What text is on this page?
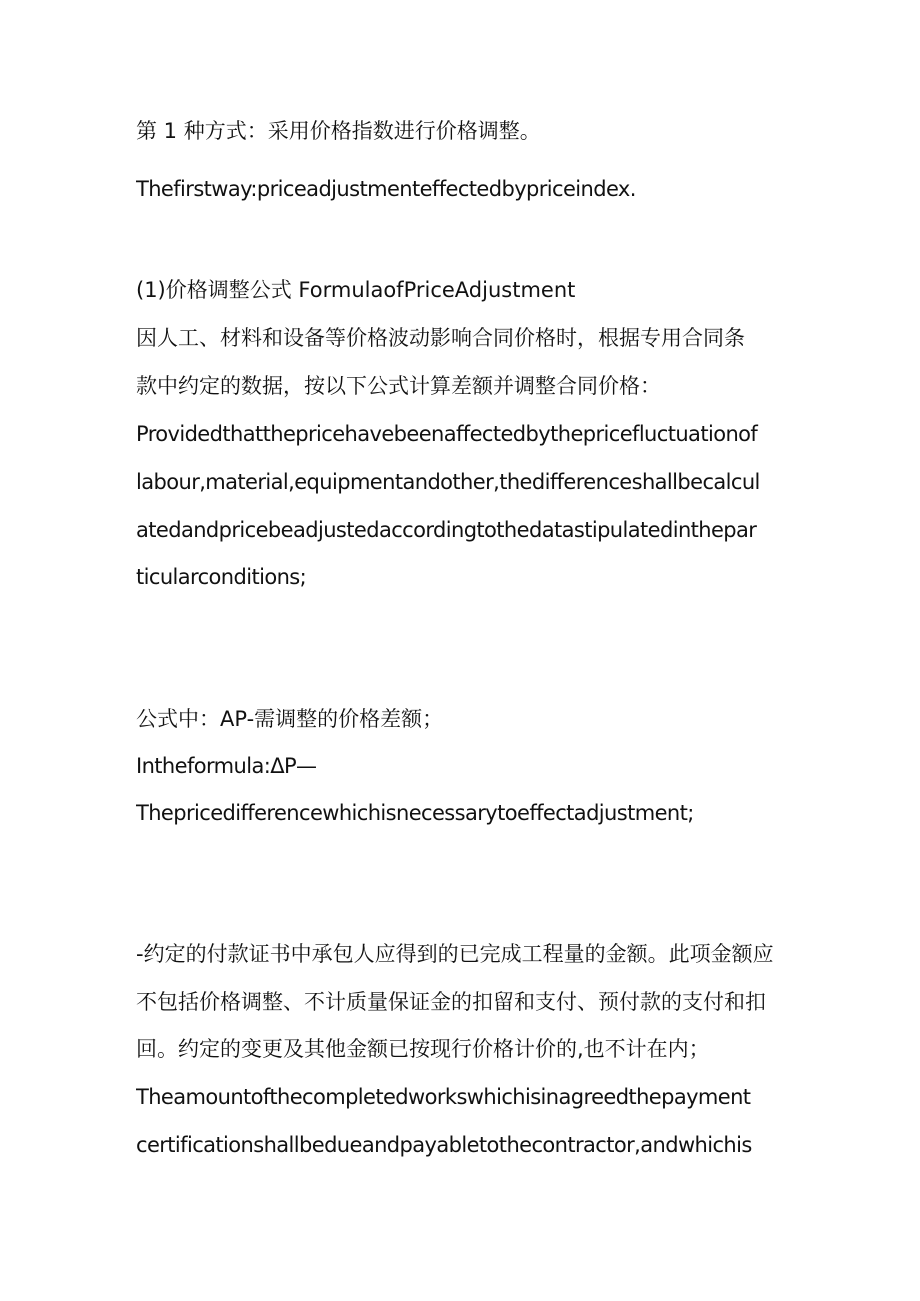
第 1 种方式：采用价格指数进行价格调整。
Thefirstway:priceadjustmenteffectedbypriceindex.
(1)价格调整公式 FormulaofPriceAdjustment
因人工、材料和设备等价格波动影响合同价格时，根据专用合同条
款中约定的数据，按以下公式计算差额并调整合同价格：
Providedthatthepricehavebeenaffectedbythepricefluctuationof
labour,material,equipmentandother,thedifferenceshallbecalcul
atedandpricebeadjustedaccordingtothedatastipulatedinthepar
ticularconditions;
公式中：AP-需调整的价格差额；
Intheformula:ΔP—
Thepricedifferencewhichisnecessarytoeffectadjustment;
-约定的付款证书中承包人应得到的已完成工程量的金额。此项金额应
不包括价格调整、不计质量保证金的扣留和支付、预付款的支付和扣
回。约定的变更及其他金额已按现行价格计价的,也不计在内；
Theamountofthecompletedworkswhichisinagreedthepayment
certificationshallbedueandpayabletothecontractor,andwhichis
